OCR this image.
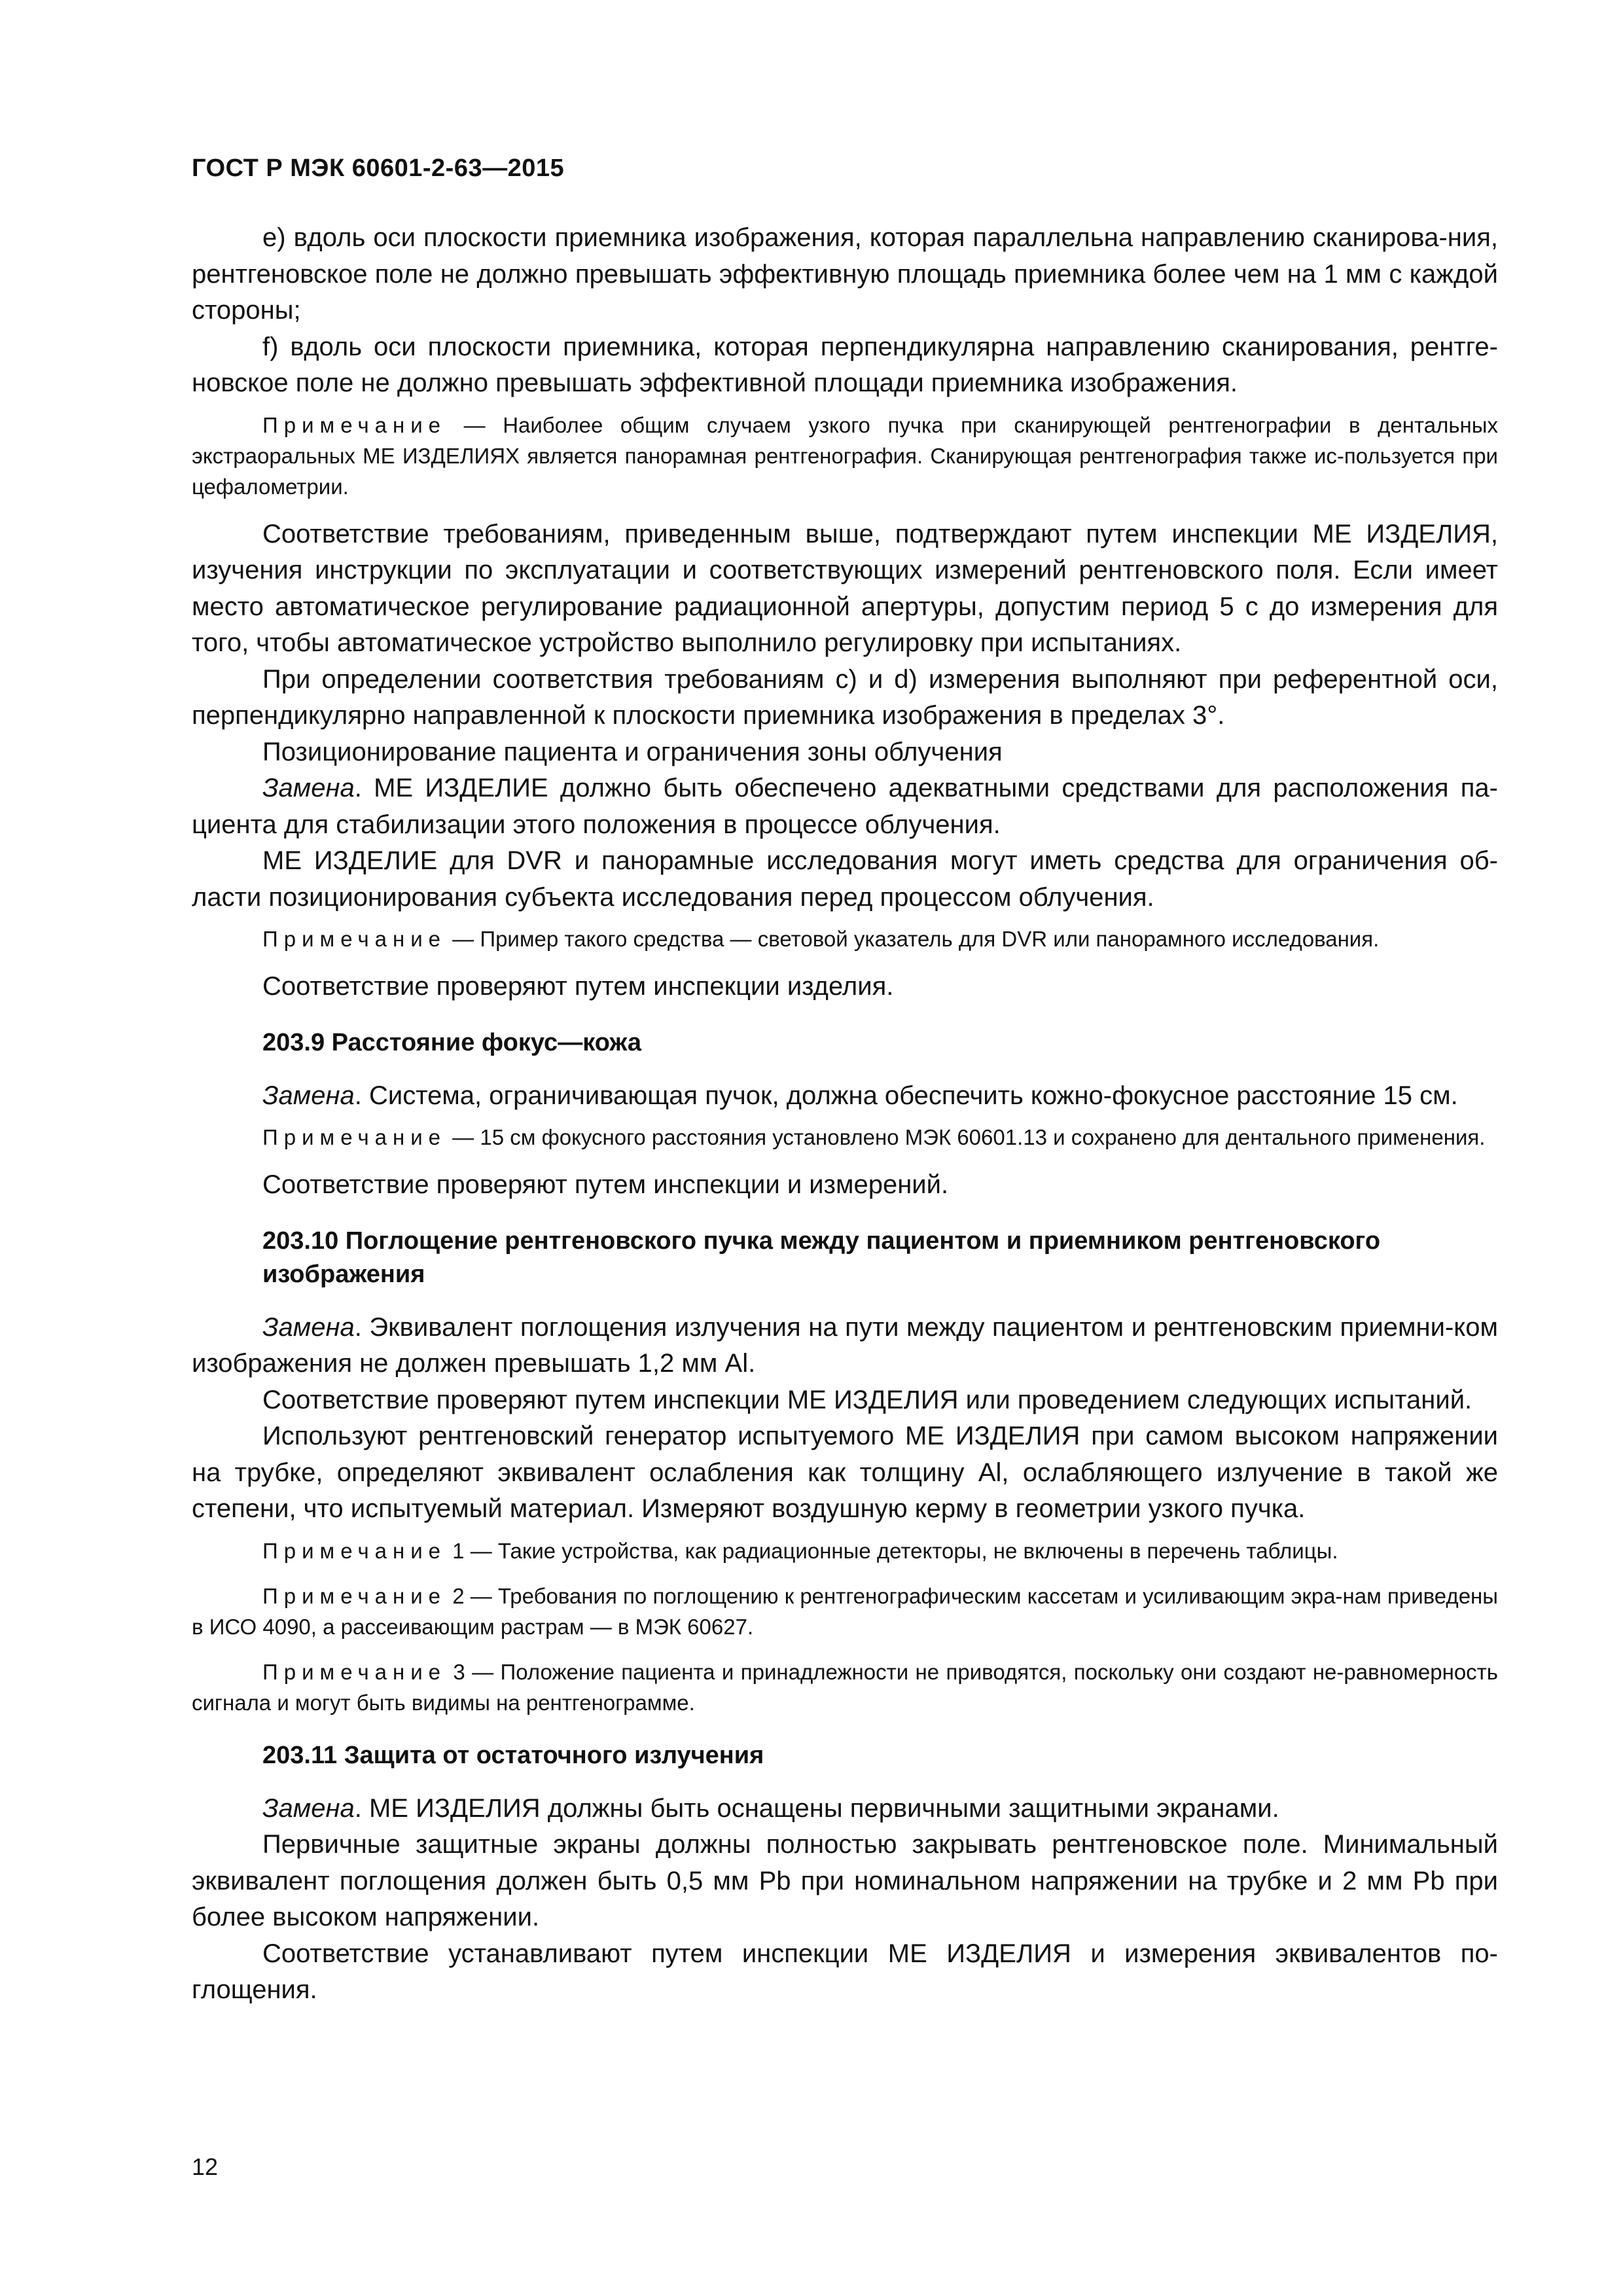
ГОСТ Р МЭК 60601-2-63—2015

e) вдоль оси плоскости приемника изображения, которая параллельна направлению сканирова-ния, рентгеновское поле не должно превышать эффективную площадь приемника более чем на 1 мм с каждой стороны;

f) вдоль оси плоскости приемника, которая перпендикулярна направлению сканирования, рентге-новское поле не должно превышать эффективной площади приемника изображения.

Примечание — Наиболее общим случаем узкого пучка при сканирующей рентгенографии в дентальных экстраоральных МЕ ИЗДЕЛИЯХ является панорамная рентгенография. Сканирующая рентгенография также ис-пользуется при цефалометрии.

Соответствие требованиям, приведенным выше, подтверждают путем инспекции МЕ ИЗДЕЛИЯ, изучения инструкции по эксплуатации и соответствующих измерений рентгеновского поля. Если имеет место автоматическое регулирование радиационной апертуры, допустим период 5 с до измерения для того, чтобы автоматическое устройство выполнило регулировку при испытаниях.

При определении соответствия требованиям c) и d) измерения выполняют при референтной оси, перпендикулярно направленной к плоскости приемника изображения в пределах 3°.

Позиционирование пациента и ограничения зоны облучения

Замена. МЕ ИЗДЕЛИЕ должно быть обеспечено адекватными средствами для расположения па-циента для стабилизации этого положения в процессе облучения.

МЕ ИЗДЕЛИЕ для DVR и панорамные исследования могут иметь средства для ограничения об-ласти позиционирования субъекта исследования перед процессом облучения.

Примечание — Пример такого средства — световой указатель для DVR или панорамного исследования.

Соответствие проверяют путем инспекции изделия.

203.9 Расстояние фокус—кожа

Замена. Система, ограничивающая пучок, должна обеспечить кожно-фокусное расстояние 15 см.

Примечание — 15 см фокусного расстояния установлено МЭК 60601.13 и сохранено для дентального применения.

Соответствие проверяют путем инспекции и измерений.

203.10 Поглощение рентгеновского пучка между пациентом и приемником рентгеновского изображения

Замена. Эквивалент поглощения излучения на пути между пациентом и рентгеновским приемни-ком изображения не должен превышать 1,2 мм Al.

Соответствие проверяют путем инспекции МЕ ИЗДЕЛИЯ или проведением следующих испытаний.

Используют рентгеновский генератор испытуемого МЕ ИЗДЕЛИЯ при самом высоком напряжении на трубке, определяют эквивалент ослабления как толщину Al, ослабляющего излучение в такой же степени, что испытуемый материал. Измеряют воздушную керму в геометрии узкого пучка.

Примечание 1 — Такие устройства, как радиационные детекторы, не включены в перечень таблицы.

Примечание 2 — Требования по поглощению к рентгенографическим кассетам и усиливающим экра-нам приведены в ИСО 4090, а рассеивающим растрам — в МЭК 60627.

Примечание 3 — Положение пациента и принадлежности не приводятся, поскольку они создают не-равномерность сигнала и могут быть видимы на рентгенограмме.

203.11 Защита от остаточного излучения

Замена. МЕ ИЗДЕЛИЯ должны быть оснащены первичными защитными экранами.

Первичные защитные экраны должны полностью закрывать рентгеновское поле. Минимальный эквивалент поглощения должен быть 0,5 мм Pb при номинальном напряжении на трубке и 2 мм Pb при более высоком напряжении.

Соответствие устанавливают путем инспекции МЕ ИЗДЕЛИЯ и измерения эквивалентов по-глощения.

12
